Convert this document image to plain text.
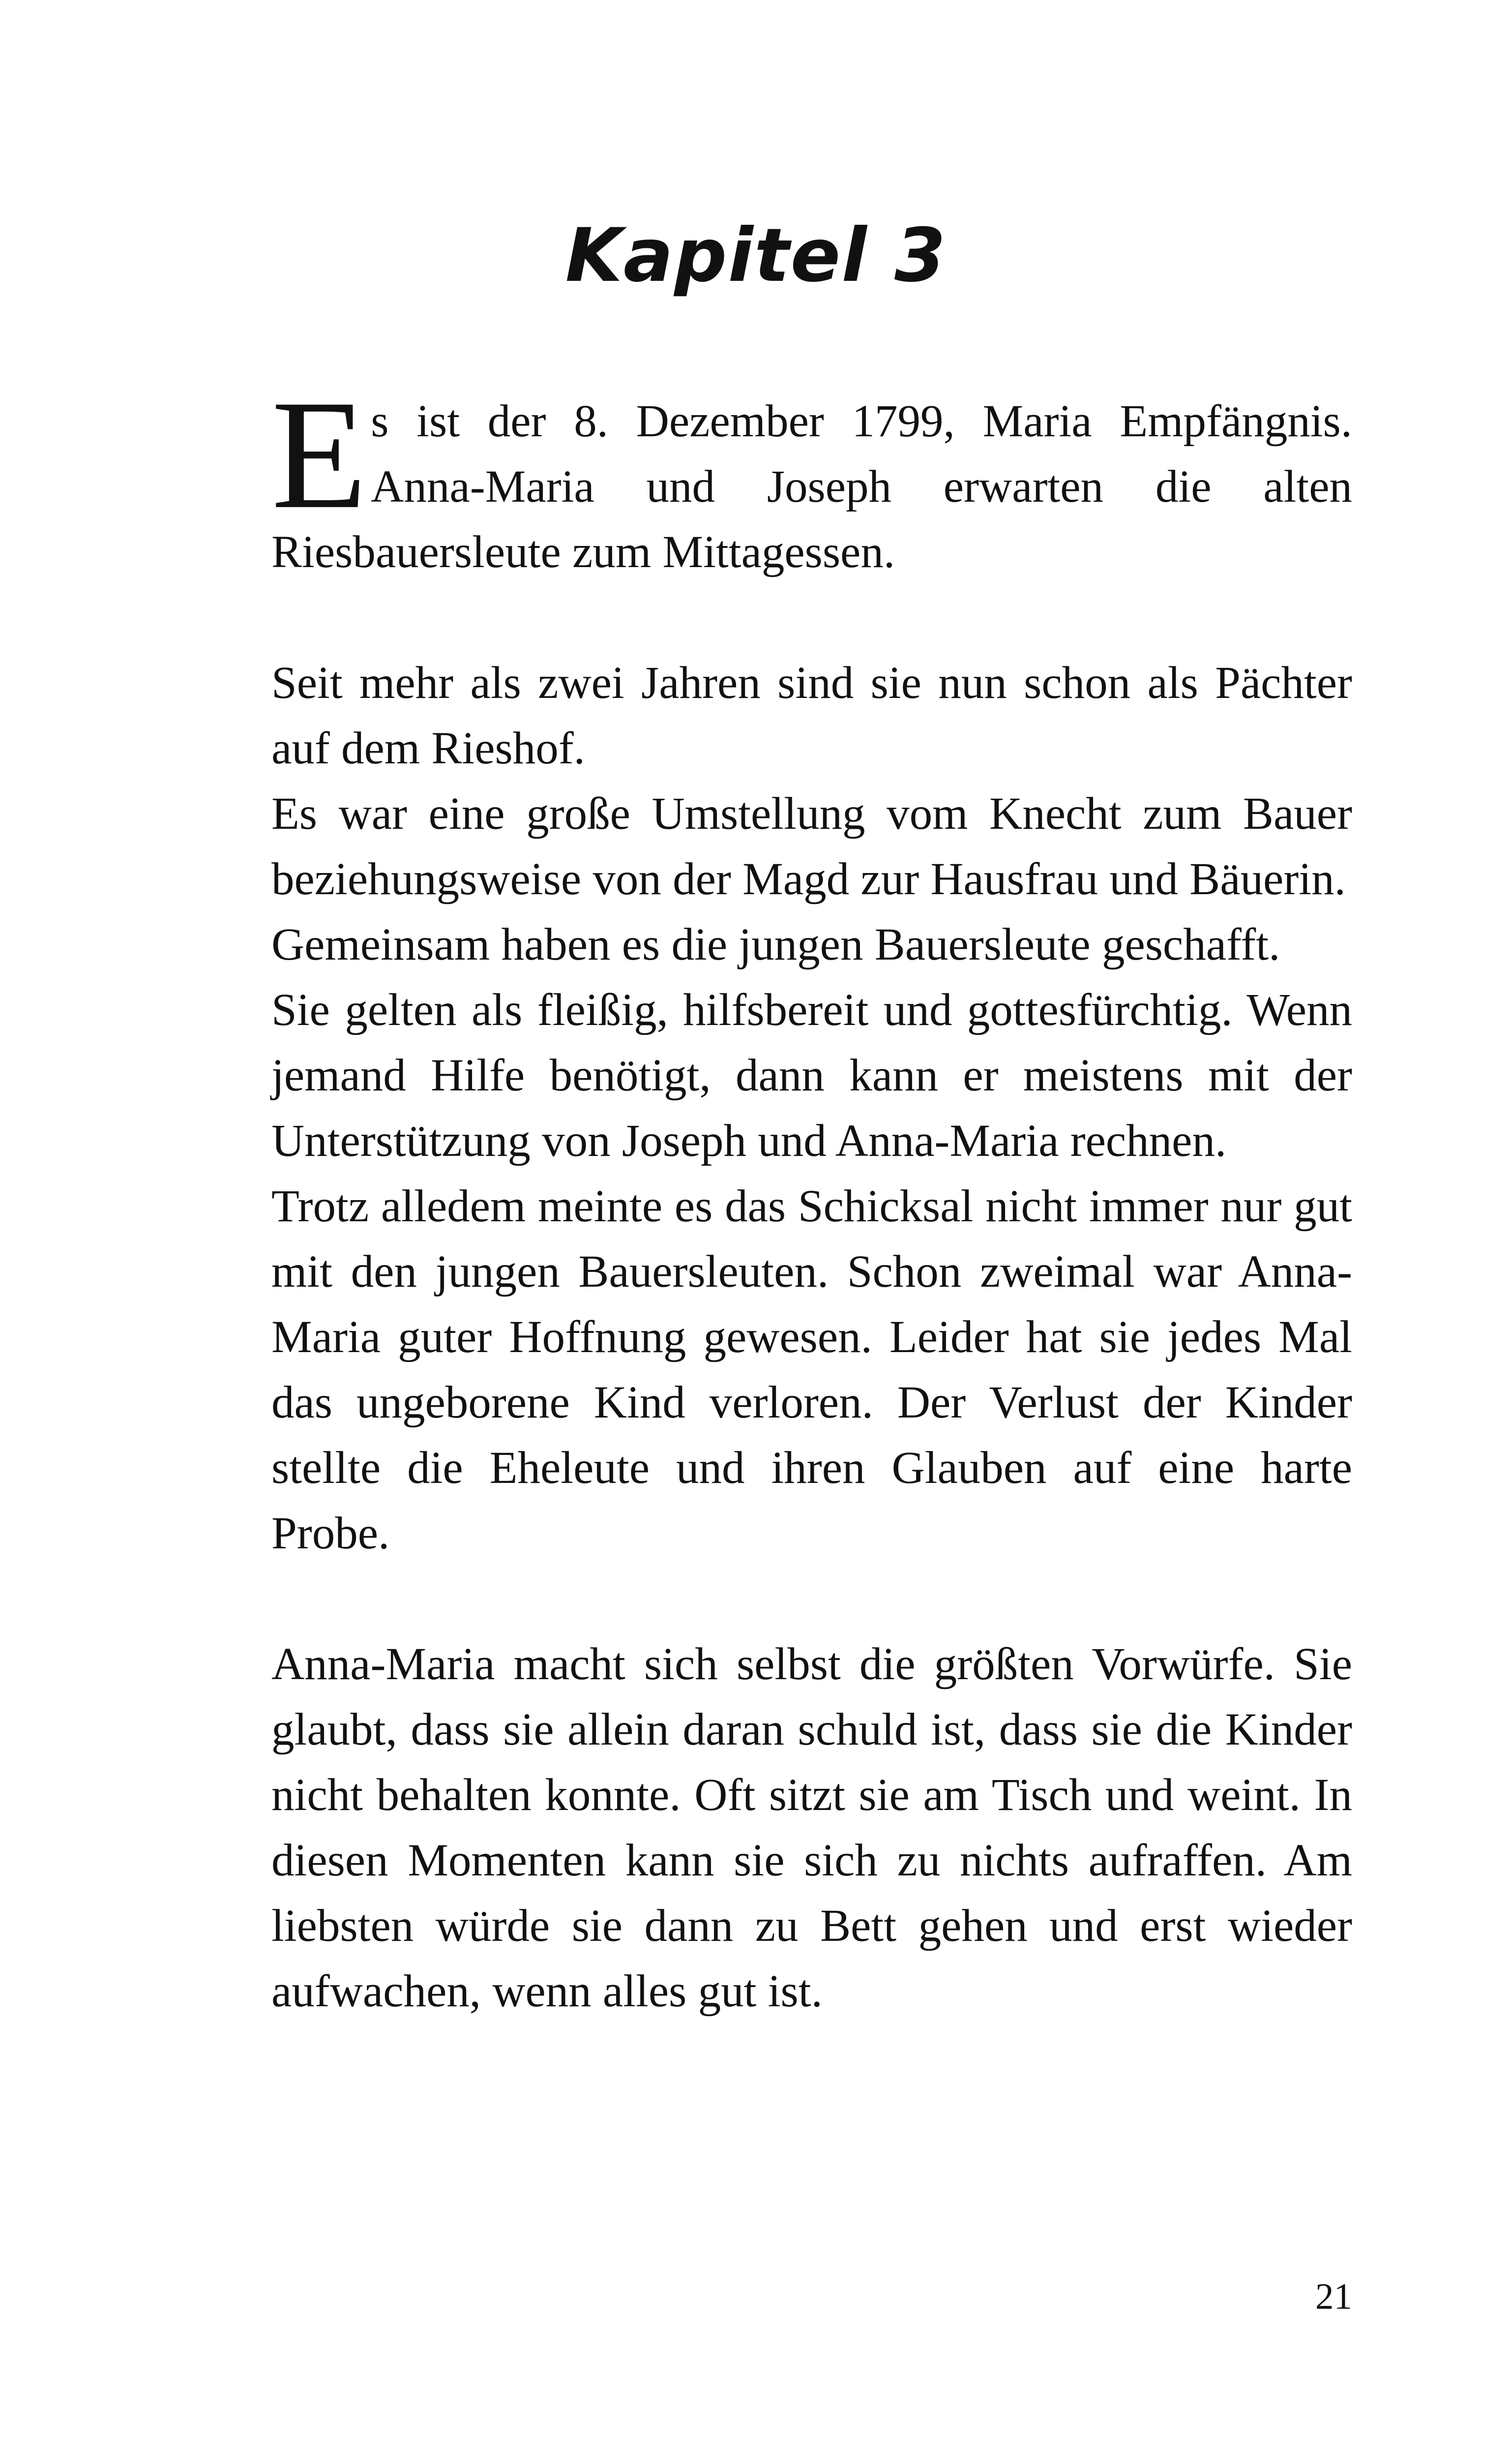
Kapitel 3

Es ist der 8. Dezember 1799, Maria Empfängnis. Anna-Maria und Joseph erwarten die alten Riesbauersleute zum Mittagessen.

Seit mehr als zwei Jahren sind sie nun schon als Pächter auf dem Rieshof.

Es war eine große Umstellung vom Knecht zum Bauer beziehungsweise von der Magd zur Hausfrau und Bäuerin.

Gemeinsam haben es die jungen Bauersleute geschafft.

Sie gelten als fleißig, hilfsbereit und gottesfürchtig. Wenn jemand Hilfe benötigt, dann kann er meistens mit der Unterstützung von Joseph und Anna-Maria rechnen.

Trotz alledem meinte es das Schicksal nicht immer nur gut mit den jungen Bauersleuten. Schon zweimal war Anna-Maria guter Hoffnung gewesen. Leider hat sie jedes Mal das ungeborene Kind verloren. Der Verlust der Kinder stellte die Eheleute und ihren Glauben auf eine harte Probe.

Anna-Maria macht sich selbst die größten Vorwürfe. Sie glaubt, dass sie allein daran schuld ist, dass sie die Kinder nicht behalten konnte. Oft sitzt sie am Tisch und weint. In diesen Momenten kann sie sich zu nichts aufraffen. Am liebsten würde sie dann zu Bett gehen und erst wieder aufwachen, wenn alles gut ist.

21
